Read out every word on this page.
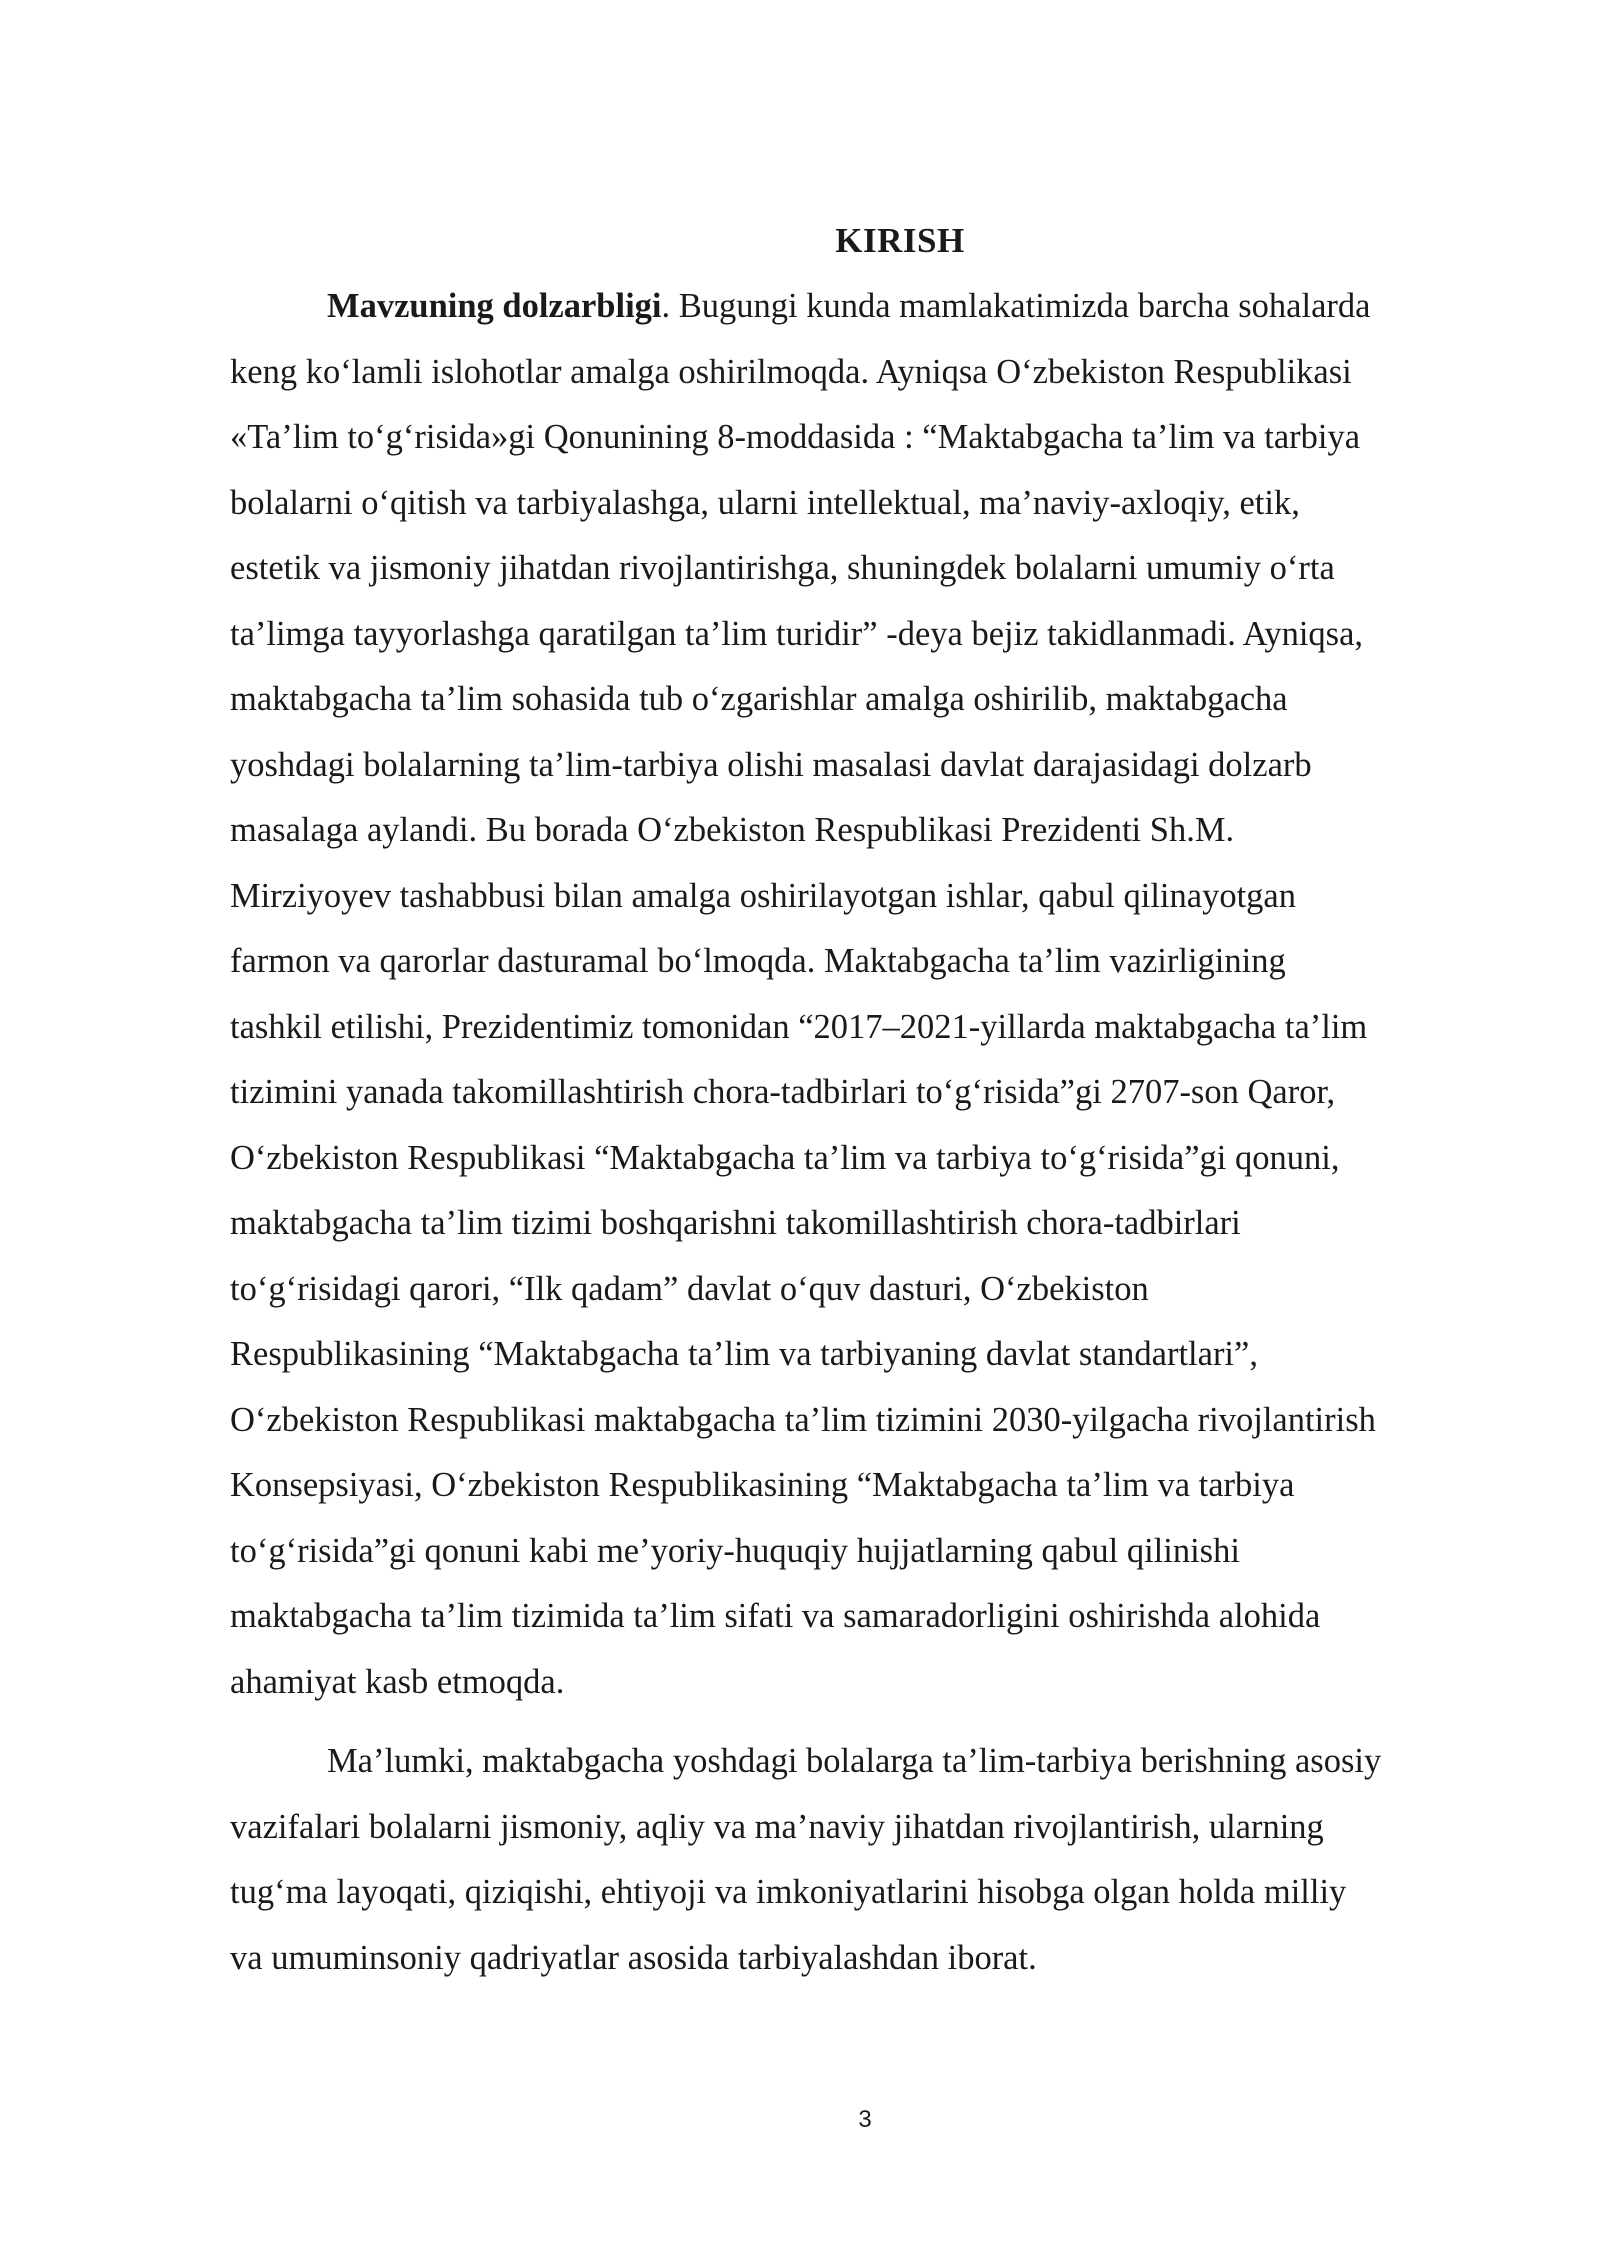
KIRISH
Mavzuning dolzarbligi. Bugungi kunda mamlakatimizda barcha sohalarda
keng ko‘lamli islohotlar amalga oshirilmoqda. Ayniqsa O‘zbekiston Respublikasi
«Ta’lim to‘g‘risida»gi Qonunining 8-moddasida : “Maktabgacha ta’lim va tarbiya
bolalarni o‘qitish va tarbiyalashga, ularni intellektual, ma’naviy-axloqiy, etik,
estetik va jismoniy jihatdan rivojlantirishga, shuningdek bolalarni umumiy o‘rta
ta’limga tayyorlashga qaratilgan ta’lim turidir” -deya bejiz takidlanmadi. Ayniqsa,
maktabgacha ta’lim sohasida tub o‘zgarishlar amalga oshirilib, maktabgacha
yoshdagi bolalarning ta’lim-tarbiya olishi masalasi davlat darajasidagi dolzarb
masalaga aylandi. Bu borada O‘zbekiston Respublikasi Prezidenti Sh.M.
Mirziyoyev tashabbusi bilan amalga oshirilayotgan ishlar, qabul qilinayotgan
farmon va qarorlar dasturamal bo‘lmoqda. Maktabgacha ta’lim vazirligining
tashkil etilishi, Prezidentimiz tomonidan “2017–2021-yillarda maktabgacha ta’lim
tizimini yanada takomillashtirish chora-tadbirlari to‘g‘risida”gi 2707-son Qaror,
O‘zbekiston Respublikasi “Maktabgacha ta’lim va tarbiya to‘g‘risida”gi qonuni,
maktabgacha ta’lim tizimi boshqarishni takomillashtirish chora-tadbirlari
to‘g‘risidagi qarori, “Ilk qadam” davlat o‘quv dasturi, O‘zbekiston
Respublikasining “Maktabgacha ta’lim va tarbiyaning davlat standartlari”,
O‘zbekiston Respublikasi maktabgacha ta’lim tizimini 2030-yilgacha rivojlantirish
Konsepsiyasi, O‘zbekiston Respublikasining “Maktabgacha ta’lim va tarbiya
to‘g‘risida”gi qonuni kabi me’yoriy-huquqiy hujjatlarning qabul qilinishi
maktabgacha ta’lim tizimida ta’lim sifati va samaradorligini oshirishda alohida
ahamiyat kasb etmoqda.
Ma’lumki, maktabgacha yoshdagi bolalarga ta’lim-tarbiya berishning asosiy
vazifalari bolalarni jismoniy, aqliy va ma’naviy jihatdan rivojlantirish, ularning
tug‘ma layoqati, qiziqishi, ehtiyoji va imkoniyatlarini hisobga olgan holda milliy
va umuminsoniy qadriyatlar asosida tarbiyalashdan iborat.
3
